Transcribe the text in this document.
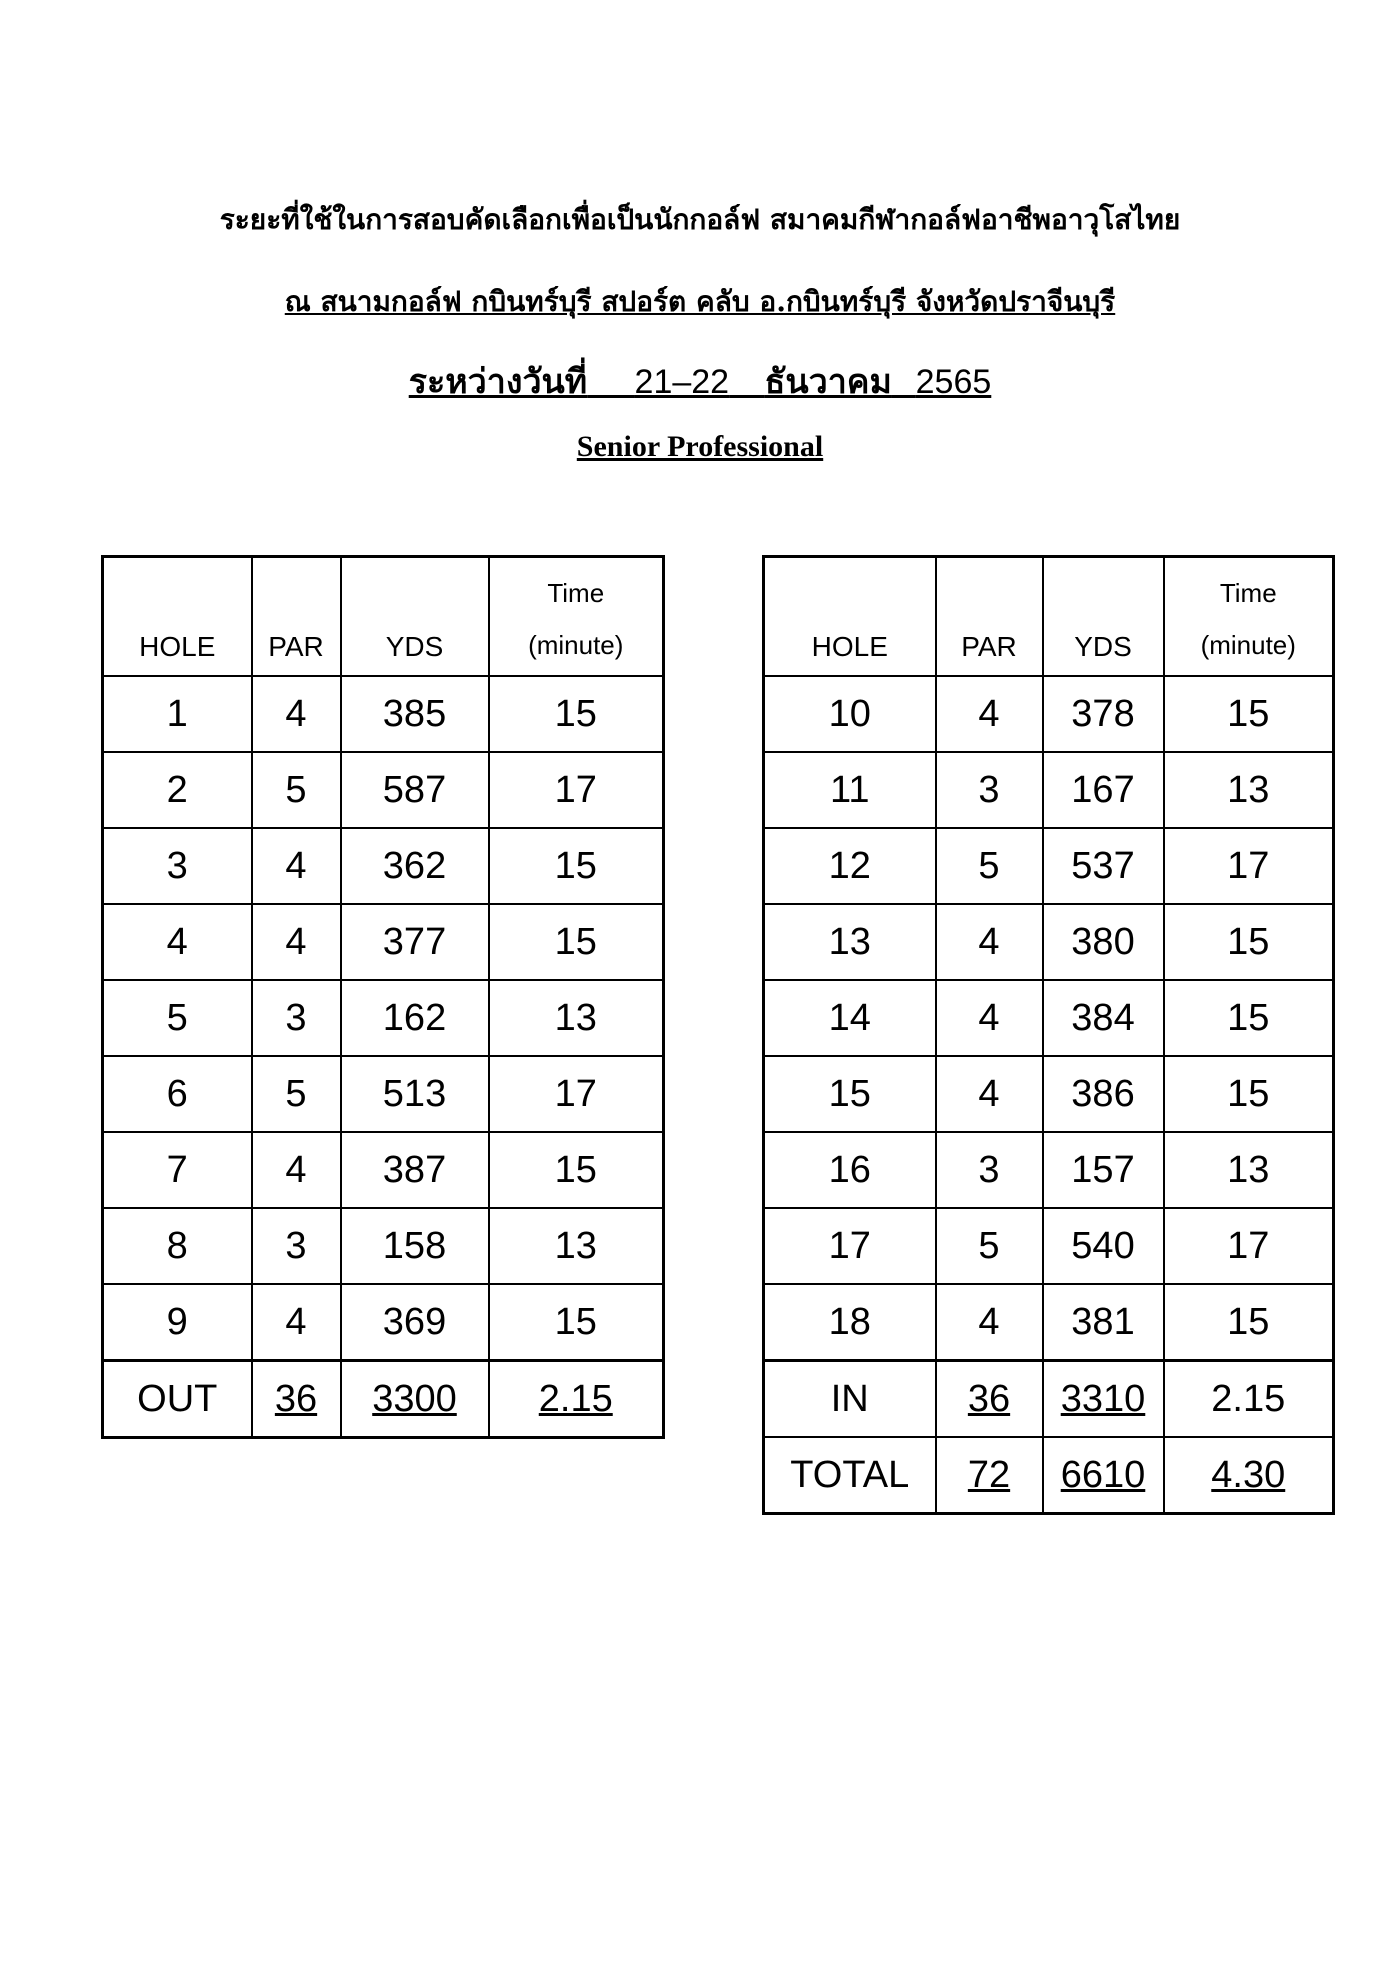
ระยะที่ใช้ในการสอบคัดเลือกเพื่อเป็นนักกอล์ฟ สมาคมกีฬากอล์ฟอาชีพอาวุโสไทย
ณ สนามกอล์ฟ กบินทร์บุรี สปอร์ต คลับ อ.กบินทร์บุรี จังหวัดปราจีนบุรี
ระหว่างวันที่ 21–22 ธันวาคม 2565
Senior Professional
HOLE	PAR	YDS	Time
(minute)
1	4	385	15
2	5	587	17
3	4	362	15
4	4	377	15
5	3	162	13
6	5	513	17
7	4	387	15
8	3	158	13
9	4	369	15
OUT	36	3300	2.15
HOLE	PAR	YDS	Time
(minute)
10	4	378	15
11	3	167	13
12	5	537	17
13	4	380	15
14	4	384	15
15	4	386	15
16	3	157	13
17	5	540	17
18	4	381	15
IN	36	3310	2.15
TOTAL	72	6610	4.30
